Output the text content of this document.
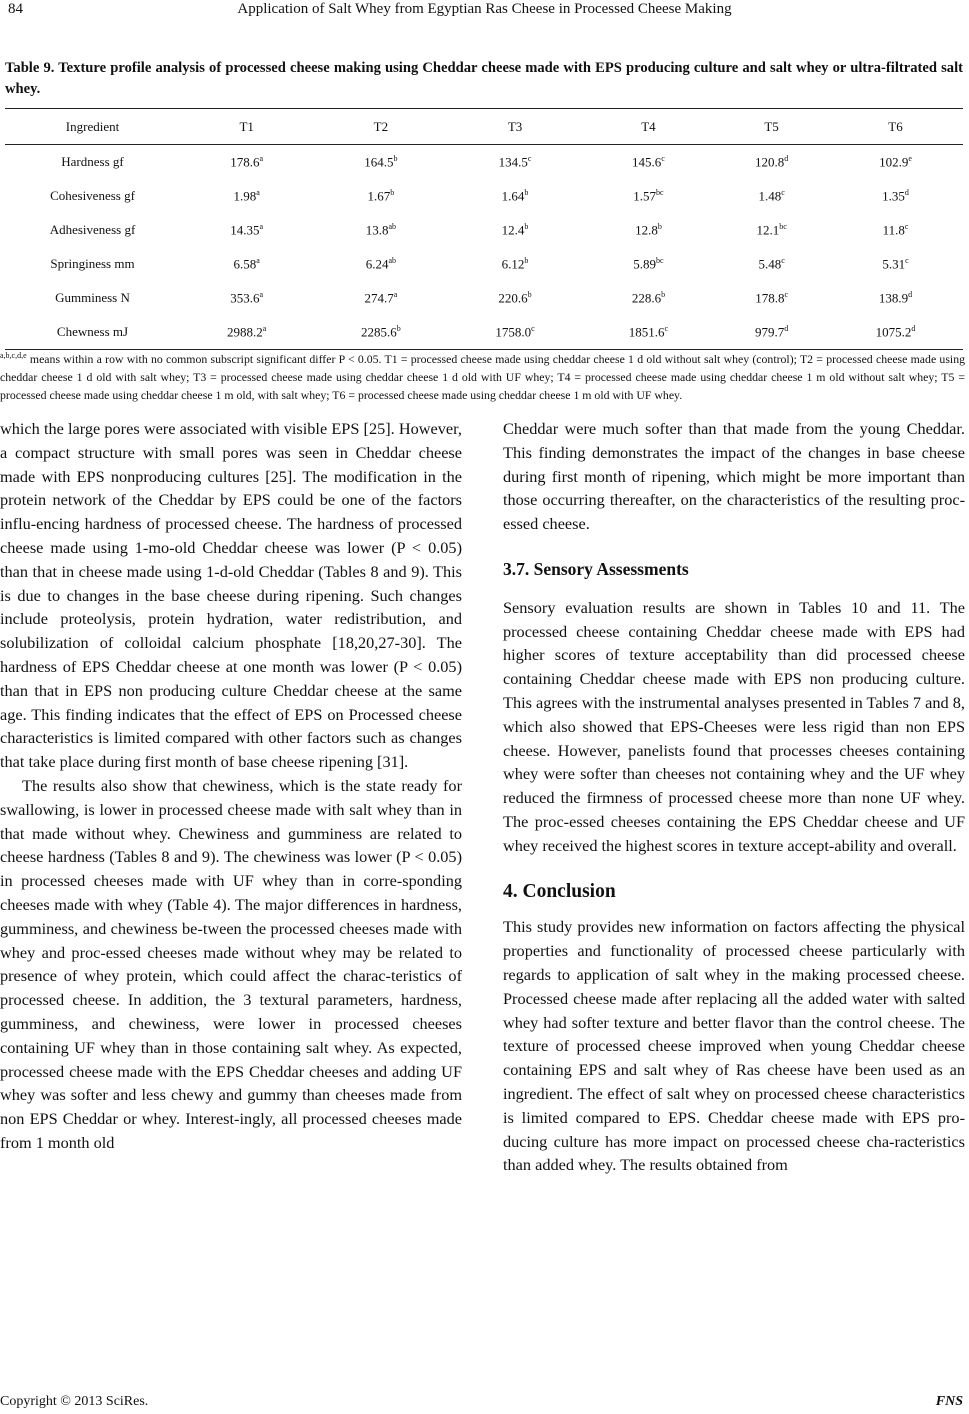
84	Application of Salt Whey from Egyptian Ras Cheese in Processed Cheese Making
Table 9. Texture profile analysis of processed cheese making using Cheddar cheese made with EPS producing culture and salt whey or ultra-filtrated salt whey.
Ingredient	T1	T2	T3	T4	T5	T6
Hardness gf	178.6$^a$	164.5$^b$	134.5$^c$	145.6$^c$	120.8$^d$	102.9e
Cohesiveness gf	1.98$^a$	1.67$^b$	1.64$^b$	1.57$^{bc}$	1.48$^c$	1.35$^d$
Adhesiveness gf	14.35$^a$	13.8$^{ab}$	12.4$^b$	12.8$^b$	12.1$^{bc}$	11.8$^c$
Springiness mm	6.58$^a$	6.24$^{ab}$	6.12$^b$	5.89$^{bc}$	5.48$^c$	5.31$^c$
Gumminess N	353.6$^a$	274.7$^a$	220.6$^b$	228.6$^b$	178.8$^c$	138.9$^d$
Chewness mJ	2988.2$^a$	2285.6$^b$	1758.0$^c$	1851.6$^c$	979.7$^d$	1075.2$^d$
$^{a,b,c,d,e}$ means within a row with no common subscript significant differ P < 0.05. T1 = processed cheese made using cheddar cheese 1 d old without salt whey (control); T2 = processed cheese made using cheddar cheese 1 d old with salt whey; T3 = processed cheese made using cheddar cheese 1 d old with UF whey; T4 = processed cheese made using cheddar cheese 1 m old without salt whey; T5 = processed cheese made using cheddar cheese 1 m old, with salt whey; T6 = processed cheese made using cheddar cheese 1 m old with UF whey.

which the large pores were associated with visible EPS [25]. However, a compact structure with small pores was seen in Cheddar cheese made with EPS nonproducing cultures [25]. The modification in the protein network of the Cheddar by EPS could be one of the factors influ-encing hardness of processed cheese. The hardness of processed cheese made using 1-mo-old Cheddar cheese was lower (P < 0.05) than that in cheese made using 1-d-old Cheddar (Tables 8 and 9). This is due to changes in the base cheese during ripening. Such changes include proteolysis, protein hydration, water redistribution, and solubilization of colloidal calcium phosphate [18,20,27-30]. The hardness of EPS Cheddar cheese at one month was lower (P < 0.05) than that in EPS non producing culture Cheddar cheese at the same age. This finding indicates that the effect of EPS on Processed cheese characteristics is limited compared with other factors such as changes that take place during first month of base cheese ripening [31].

The results also show that chewiness, which is the state ready for swallowing, is lower in processed cheese made with salt whey than in that made without whey. Chewiness and gumminess are related to cheese hardness (Tables 8 and 9). The chewiness was lower (P < 0.05) in processed cheeses made with UF whey than in corre-sponding cheeses made with whey (Table 4). The major differences in hardness, gumminess, and chewiness be-tween the processed cheeses made with whey and proc-essed cheeses made without whey may be related to presence of whey protein, which could affect the charac-teristics of processed cheese. In addition, the 3 textural parameters, hardness, gumminess, and chewiness, were lower in processed cheeses containing UF whey than in those containing salt whey. As expected, processed cheese made with the EPS Cheddar cheeses and adding UF whey was softer and less chewy and gummy than cheeses made from non EPS Cheddar or whey. Interest-ingly, all processed cheeses made from 1 month old

Cheddar were much softer than that made from the young Cheddar. This finding demonstrates the impact of the changes in base cheese during first month of ripening, which might be more important than those occurring thereafter, on the characteristics of the resulting proc-essed cheese.

3.7. Sensory Assessments

Sensory evaluation results are shown in Tables 10 and 11. The processed cheese containing Cheddar cheese made with EPS had higher scores of texture acceptability than did processed cheese containing Cheddar cheese made with EPS non producing culture. This agrees with the instrumental analyses presented in Tables 7 and 8, which also showed that EPS-Cheeses were less rigid than non EPS cheese. However, panelists found that processes cheeses containing whey were softer than cheeses not containing whey and the UF whey reduced the firmness of processed cheese more than none UF whey. The proc-essed cheeses containing the EPS Cheddar cheese and UF whey received the highest scores in texture accept-ability and overall.

4. Conclusion

This study provides new information on factors affecting the physical properties and functionality of processed cheese particularly with regards to application of salt whey in the making processed cheese. Processed cheese made after replacing all the added water with salted whey had softer texture and better flavor than the control cheese. The texture of processed cheese improved when young Cheddar cheese containing EPS and salt whey of Ras cheese have been used as an ingredient. The effect of salt whey on processed cheese characteristics is limited compared to EPS. Cheddar cheese made with EPS pro-ducing culture has more impact on processed cheese cha-racteristics than added whey. The results obtained from

Copyright © 2013 SciRes.	FNS
